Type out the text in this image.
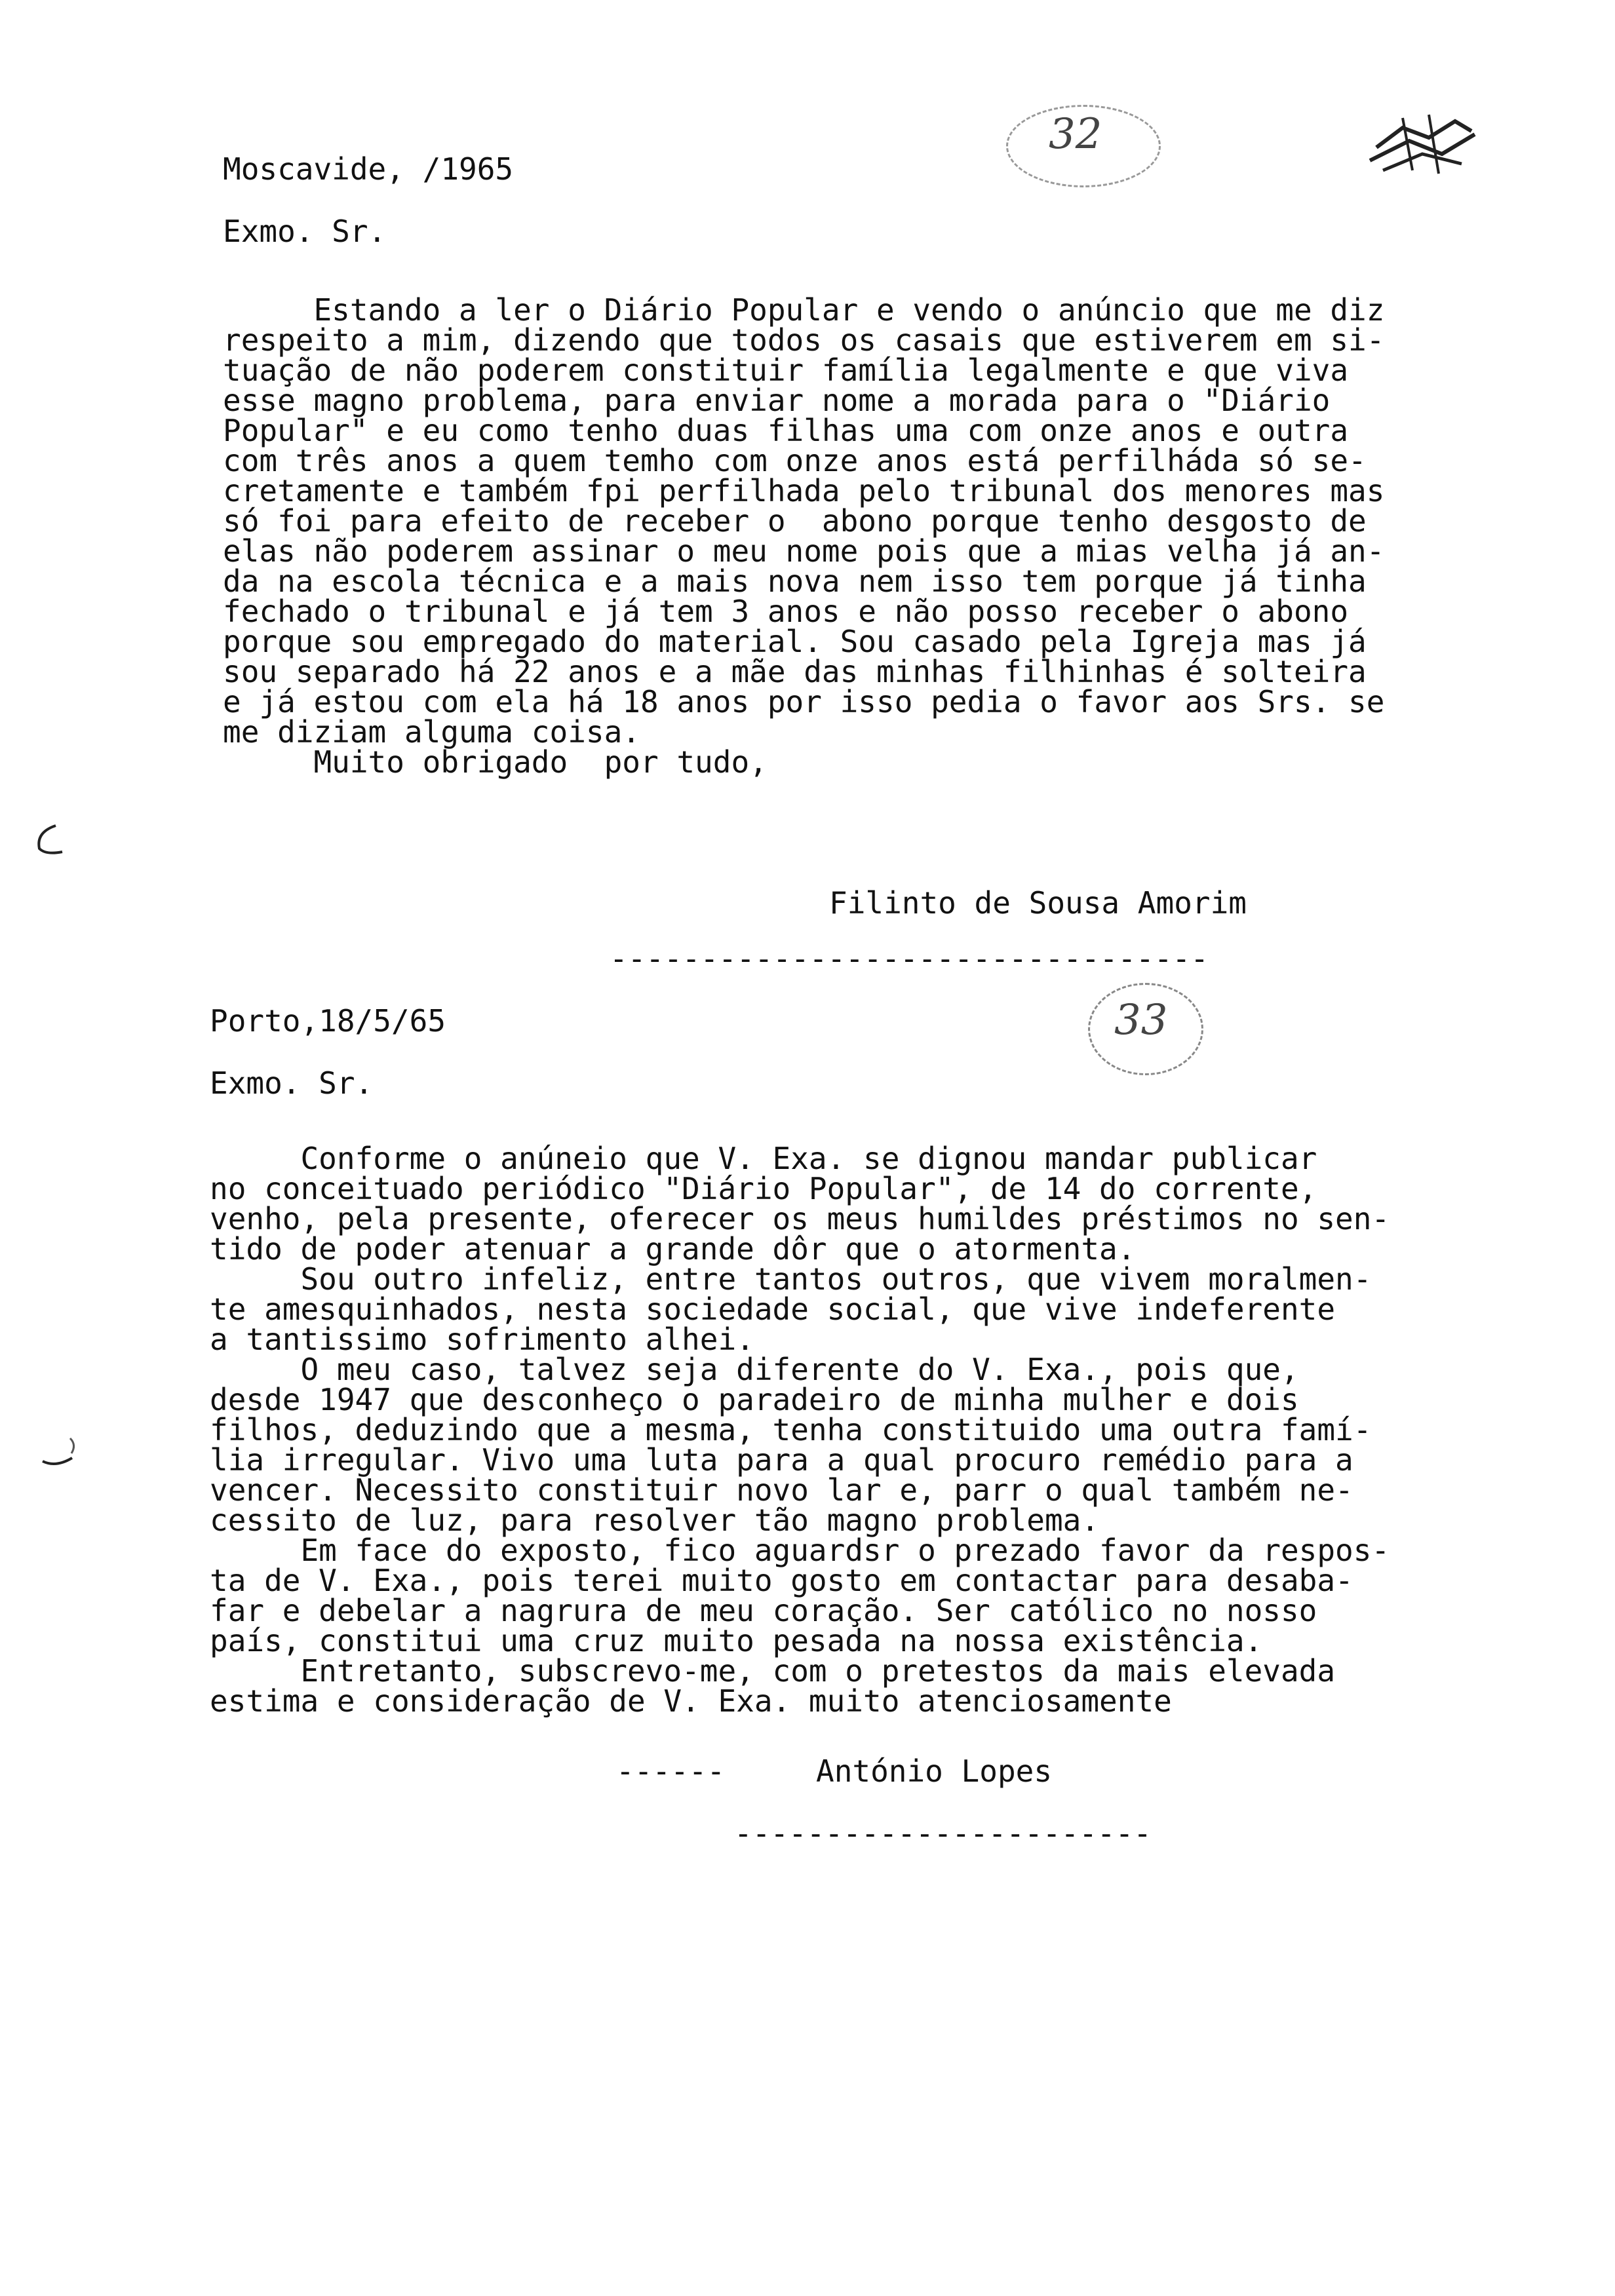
32
Moscavide, /1965
Exmo. Sr.
Estando a ler o Diário Popular e vendo o anúncio que me diz
respeito a mim, dizendo que todos os casais que estiverem em si-
tuação de não poderem constituir família legalmente e que viva
esse magno problema, para enviar nome a morada para o "Diário
Popular" e eu como tenho duas filhas uma com onze anos e outra
com três anos a quem temho com onze anos está perfilháda só se-
cretamente e também fpi perfilhada pelo tribunal dos menores mas
só foi para efeito de receber o  abono porque tenho desgosto de
elas não poderem assinar o meu nome pois que a mias velha já an-
da na escola técnica e a mais nova nem isso tem porque já tinha
fechado o tribunal e já tem 3 anos e não posso receber o abono
porque sou empregado do material. Sou casado pela Igreja mas já
sou separado há 22 anos e a mãe das minhas filhinhas é solteira
e já estou com ela há 18 anos por isso pedia o favor aos Srs. se
me diziam alguma coisa.
Muito obrigado  por tudo,
Filinto de Sousa Amorim
---------------------------------
33
Porto,18/5/65
Exmo. Sr.
Conforme o anúneio que V. Exa. se dignou mandar publicar
no conceituado periódico "Diário Popular", de 14 do corrente,
venho, pela presente, oferecer os meus humildes préstimos no sen-
tido de poder atenuar a grande dôr que o atormenta.
Sou outro infeliz, entre tantos outros, que vivem moralmen-
te amesquinhados, nesta sociedade social, que vive indeferente
a tantissimo sofrimento alhei.
O meu caso, talvez seja diferente do V. Exa., pois que,
desde 1947 que desconheço o paradeiro de minha mulher e dois
filhos, deduzindo que a mesma, tenha constituido uma outra famí-
lia irregular. Vivo uma luta para a qual procuro remédio para a
vencer. Necessito constituir novo lar e, parr o qual também ne-
cessito de luz, para resolver tão magno problema.
Em face do exposto, fico aguardsr o prezado favor da respos-
ta de V. Exa., pois terei muito gosto em contactar para desaba-
far e debelar a nagrura de meu coração. Ser católico no nosso
país, constitui uma cruz muito pesada na nossa existência.
Entretanto, subscrevo-me, com o pretestos da mais elevada
estima e consideração de V. Exa. muito atenciosamente
------	António Lopes
-----------------------
